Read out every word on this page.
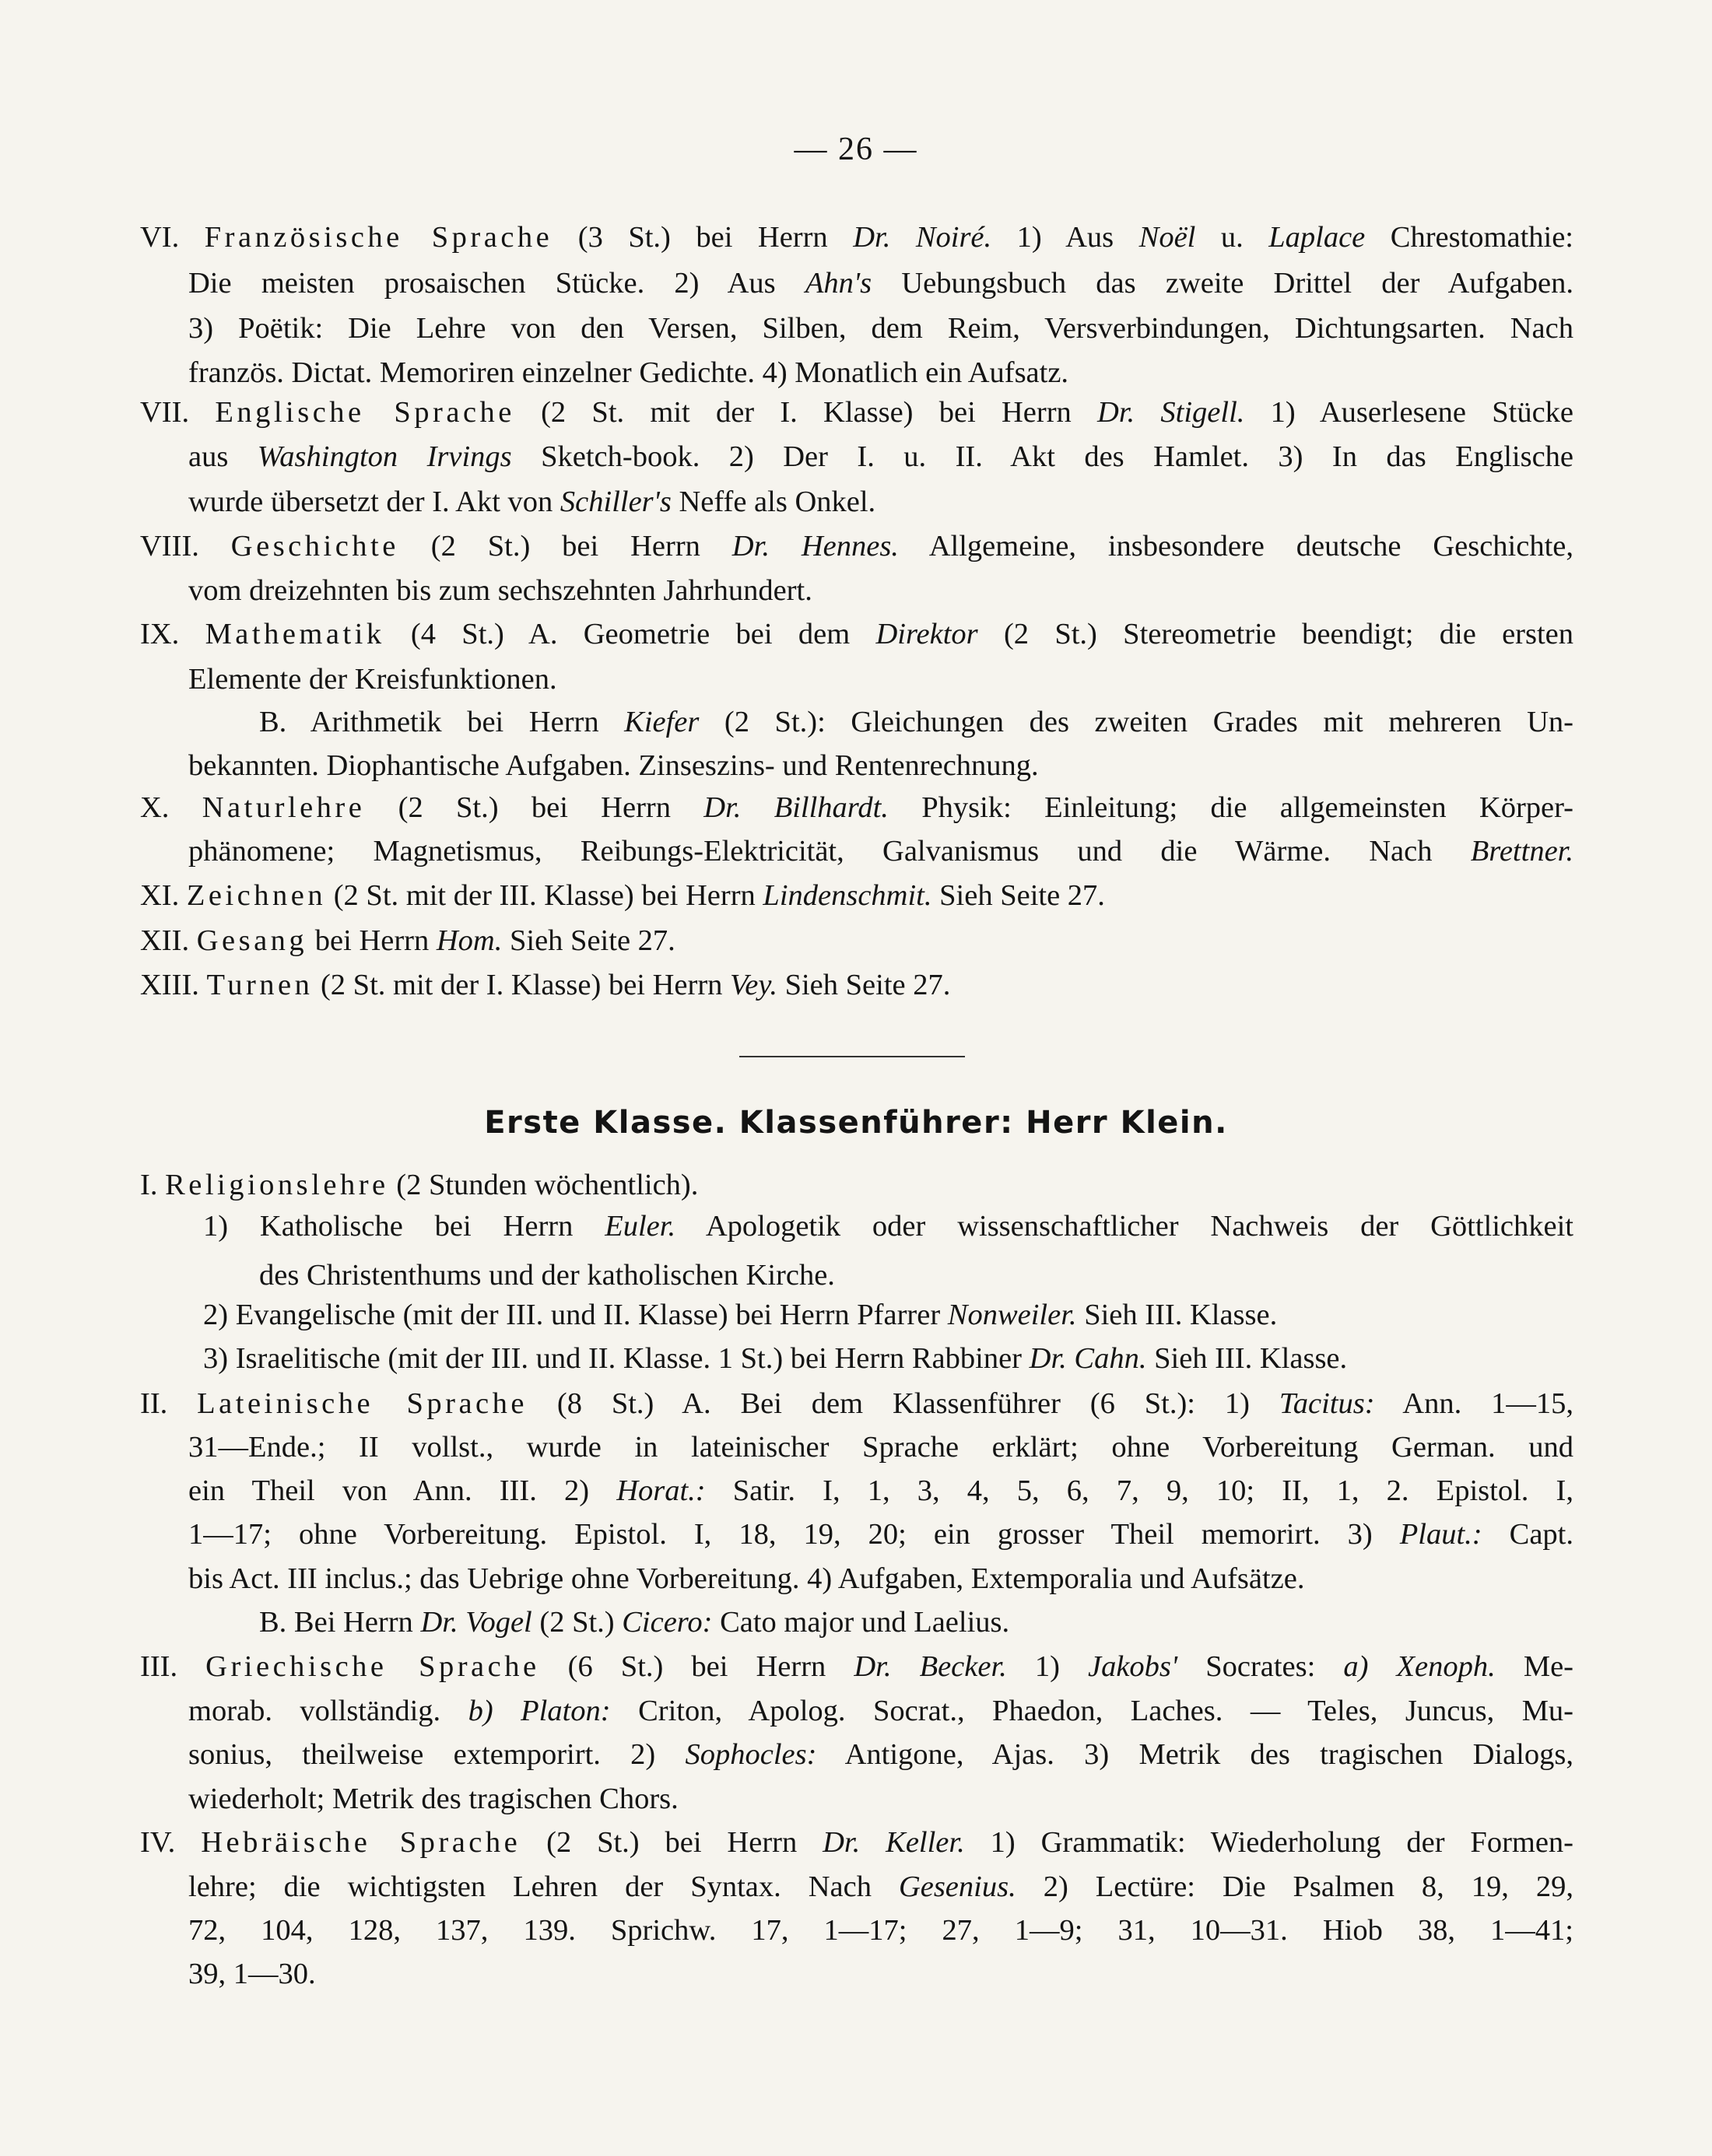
— 26 —
VI. Französische Sprache (3 St.) bei Herrn Dr. Noiré. 1) Aus Noël u. Laplace Chrestomathie:
Die meisten prosaischen Stücke. 2) Aus Ahn's Uebungsbuch das zweite Drittel der Aufgaben.
3) Poëtik: Die Lehre von den Versen, Silben, dem Reim, Versverbindungen, Dichtungsarten. Nach
französ. Dictat. Memoriren einzelner Gedichte. 4) Monatlich ein Aufsatz.
VII. Englische Sprache (2 St. mit der I. Klasse) bei Herrn Dr. Stigell. 1) Auserlesene Stücke
aus Washington Irvings Sketch-book. 2) Der I. u. II. Akt des Hamlet. 3) In das Englische
wurde übersetzt der I. Akt von Schiller's Neffe als Onkel.
VIII. Geschichte (2 St.) bei Herrn Dr. Hennes. Allgemeine, insbesondere deutsche Geschichte,
vom dreizehnten bis zum sechszehnten Jahrhundert.
IX. Mathematik (4 St.) A. Geometrie bei dem Direktor (2 St.) Stereometrie beendigt; die ersten
Elemente der Kreisfunktionen.
B. Arithmetik bei Herrn Kiefer (2 St.): Gleichungen des zweiten Grades mit mehreren Un-
bekannten. Diophantische Aufgaben. Zinseszins- und Rentenrechnung.
X. Naturlehre (2 St.) bei Herrn Dr. Billhardt. Physik: Einleitung; die allgemeinsten Körper-
phänomene; Magnetismus, Reibungs-Elektricität, Galvanismus und die Wärme. Nach Brettner.
XI. Zeichnen (2 St. mit der III. Klasse) bei Herrn Lindenschmit. Sieh Seite 27.
XII. Gesang bei Herrn Hom. Sieh Seite 27.
XIII. Turnen (2 St. mit der I. Klasse) bei Herrn Vey. Sieh Seite 27.
Erste Klasse. Klassenführer: Herr Klein.
I. Religionslehre (2 Stunden wöchentlich).
1) Katholische bei Herrn Euler. Apologetik oder wissenschaftlicher Nachweis der Göttlichkeit
des Christenthums und der katholischen Kirche.
2) Evangelische (mit der III. und II. Klasse) bei Herrn Pfarrer Nonweiler. Sieh III. Klasse.
3) Israelitische (mit der III. und II. Klasse. 1 St.) bei Herrn Rabbiner Dr. Cahn. Sieh III. Klasse.
II. Lateinische Sprache (8 St.) A. Bei dem Klassenführer (6 St.): 1) Tacitus: Ann. 1—15,
31—Ende.; II vollst., wurde in lateinischer Sprache erklärt; ohne Vorbereitung German. und
ein Theil von Ann. III. 2) Horat.: Satir. I, 1, 3, 4, 5, 6, 7, 9, 10; II, 1, 2. Epistol. I,
1—17; ohne Vorbereitung. Epistol. I, 18, 19, 20; ein grosser Theil memorirt. 3) Plaut.: Capt.
bis Act. III inclus.; das Uebrige ohne Vorbereitung. 4) Aufgaben, Extemporalia und Aufsätze.
B. Bei Herrn Dr. Vogel (2 St.) Cicero: Cato major und Laelius.
III. Griechische Sprache (6 St.) bei Herrn Dr. Becker. 1) Jakobs' Socrates: a) Xenoph. Me-
morab. vollständig. b) Platon: Criton, Apolog. Socrat., Phaedon, Laches. — Teles, Juncus, Mu-
sonius, theilweise extemporirt. 2) Sophocles: Antigone, Ajas. 3) Metrik des tragischen Dialogs,
wiederholt; Metrik des tragischen Chors.
IV. Hebräische Sprache (2 St.) bei Herrn Dr. Keller. 1) Grammatik: Wiederholung der Formen-
lehre; die wichtigsten Lehren der Syntax. Nach Gesenius. 2) Lectüre: Die Psalmen 8, 19, 29,
72, 104, 128, 137, 139. Sprichw. 17, 1—17; 27, 1—9; 31, 10—31. Hiob 38, 1—41;
39, 1—30.
